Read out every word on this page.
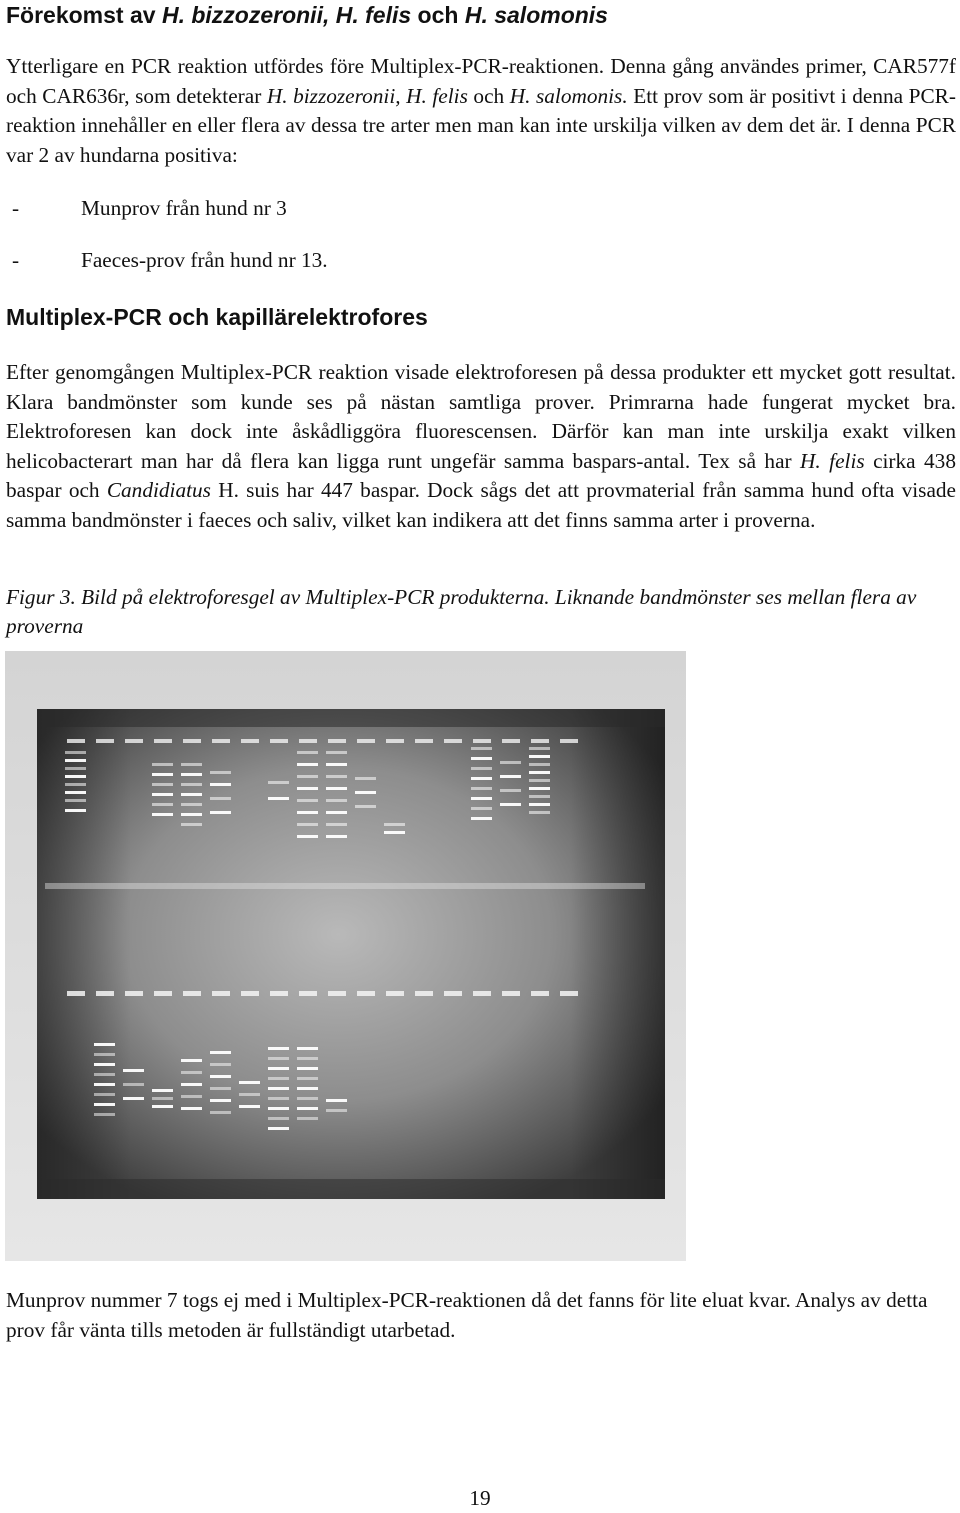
Förekomst av H. bizzozeronii, H. felis och H. salomonis
Ytterligare en PCR reaktion utfördes före Multiplex-PCR-reaktionen. Denna gång användes primer, CAR577f och CAR636r, som detekterar H. bizzozeronii, H. felis och H. salomonis. Ett prov som är positivt i denna PCR-reaktion innehåller en eller flera av dessa tre arter men man kan inte urskilja vilken av dem det är. I denna PCR var 2 av hundarna positiva:
-	Munprov från hund nr 3
-	Faeces-prov från hund nr 13.
Multiplex-PCR och kapillärelektrofores
Efter genomgången Multiplex-PCR reaktion visade elektroforesen på dessa produkter ett mycket gott resultat. Klara bandmönster som kunde ses på nästan samtliga prover. Primrarna hade fungerat mycket bra. Elektroforesen kan dock inte åskådliggöra fluorescensen. Därför kan man inte urskilja exakt vilken helicobacterart man har då flera kan ligga runt ungefär samma baspars-antal. Tex så har H. felis cirka 438 baspar och Candidiatus H. suis har 447 baspar. Dock sågs det att provmaterial från samma hund ofta visade samma bandmönster i faeces och saliv, vilket kan indikera att det finns samma arter i proverna.
Figur 3. Bild på elektroforesgel av Multiplex-PCR produkterna. Liknande bandmönster ses mellan flera av proverna
Munprov nummer 7 togs ej med i Multiplex-PCR-reaktionen då det fanns för lite eluat kvar. Analys av detta prov får vänta tills metoden är fullständigt utarbetad.
19
